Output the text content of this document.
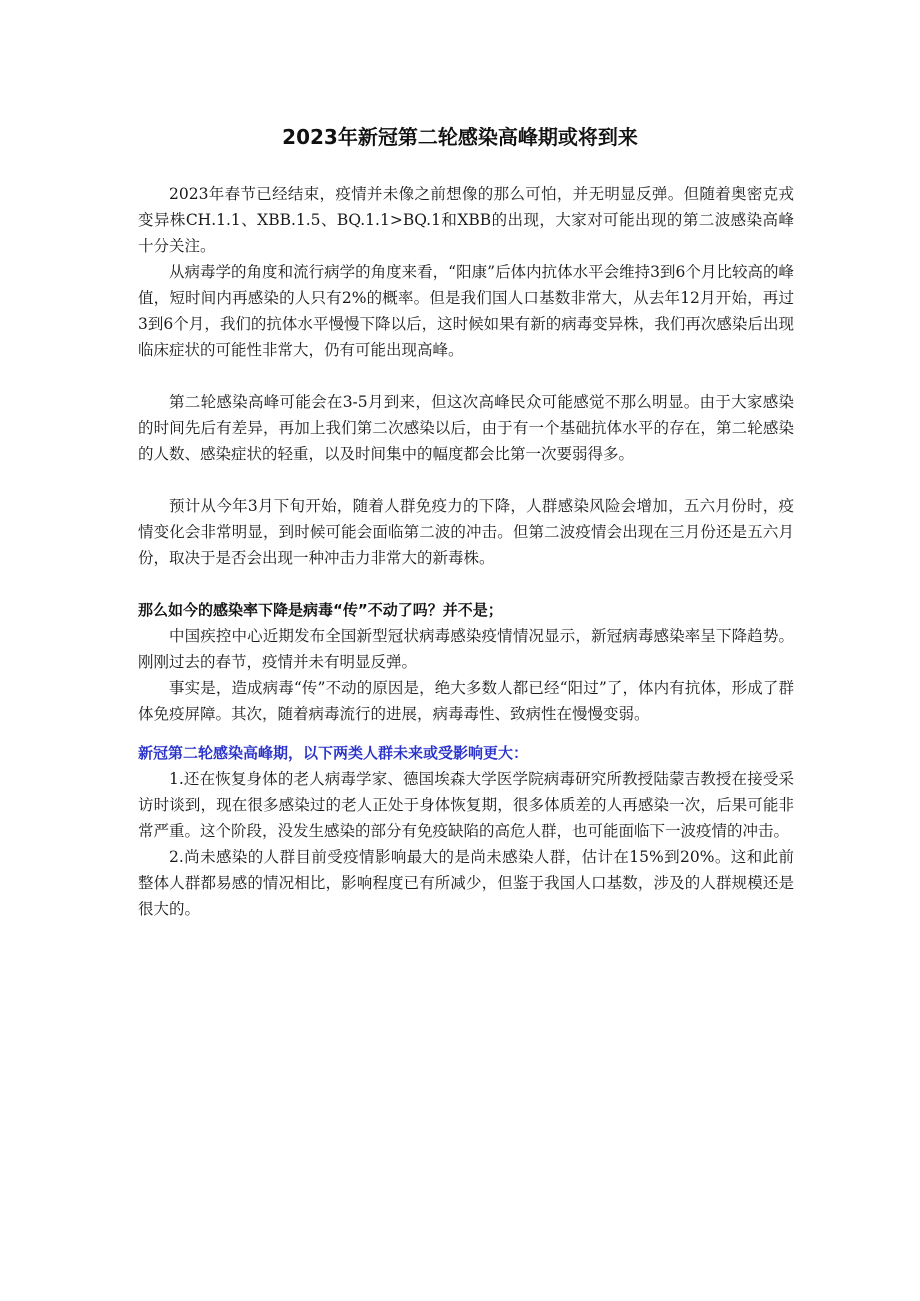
2023年新冠第二轮感染高峰期或将到来

2023年春节已经结束，疫情并未像之前想像的那么可怕，并无明显反弹。但随着奥密克戎变异株CH.1.1、XBB.1.5、BQ.1.1>BQ.1和XBB的出现，大家对可能出现的第二波感染高峰十分关注。

从病毒学的角度和流行病学的角度来看，“阳康”后体内抗体水平会维持3到6个月比较高的峰值，短时间内再感染的人只有2%的概率。但是我们国人口基数非常大，从去年12月开始，再过3到6个月，我们的抗体水平慢慢下降以后，这时候如果有新的病毒变异株，我们再次感染后出现临床症状的可能性非常大，仍有可能出现高峰。

第二轮感染高峰可能会在3-5月到来，但这次高峰民众可能感觉不那么明显。由于大家感染的时间先后有差异，再加上我们第二次感染以后，由于有一个基础抗体水平的存在，第二轮感染的人数、感染症状的轻重，以及时间集中的幅度都会比第一次要弱得多。

预计从今年3月下旬开始，随着人群免疫力的下降，人群感染风险会增加，五六月份时，疫情变化会非常明显，到时候可能会面临第二波的冲击。但第二波疫情会出现在三月份还是五六月份，取决于是否会出现一种冲击力非常大的新毒株。

那么如今的感染率下降是病毒“传”不动了吗？并不是；

中国疾控中心近期发布全国新型冠状病毒感染疫情情况显示，新冠病毒感染率呈下降趋势。刚刚过去的春节，疫情并未有明显反弹。

事实是，造成病毒“传”不动的原因是，绝大多数人都已经“阳过”了，体内有抗体，形成了群体免疫屏障。其次，随着病毒流行的进展，病毒毒性、致病性在慢慢变弱。

新冠第二轮感染高峰期，以下两类人群未来或受影响更大：

1.还在恢复身体的老人病毒学家、德国埃森大学医学院病毒研究所教授陆蒙吉教授在接受采访时谈到，现在很多感染过的老人正处于身体恢复期，很多体质差的人再感染一次，后果可能非常严重。这个阶段，没发生感染的部分有免疫缺陷的高危人群，也可能面临下一波疫情的冲击。

2.尚未感染的人群目前受疫情影响最大的是尚未感染人群，估计在15%到20%。这和此前整体人群都易感的情况相比，影响程度已有所减少，但鉴于我国人口基数，涉及的人群规模还是很大的。
